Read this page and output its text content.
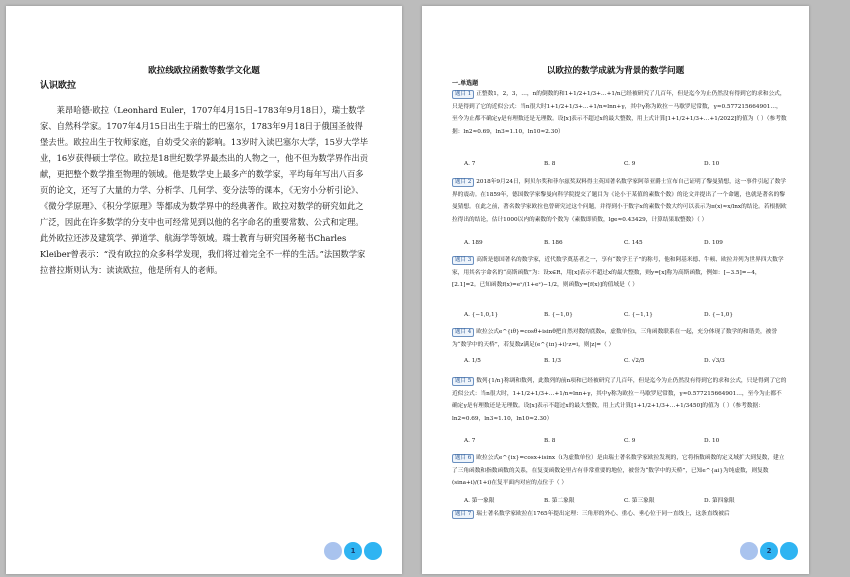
欧拉线欧拉函数等数学文化题
认识欧拉

莱昂哈德·欧拉（Leonhard Euler，1707年4月15日–1783年9月18日），瑞士数学家、自然科学家。1707年4月15日出生于瑞士的巴塞尔，1783年9月18日于俄国圣彼得堡去世。欧拉出生于牧师家庭，自幼受父亲的影响。13岁时入读巴塞尔大学，15岁大学毕业，16岁获得硕士学位。欧拉是18世纪数学界最杰出的人物之一，他不但为数学界作出贡献，更把整个数学推至物理的领域。他是数学史上最多产的数学家，平均每年写出八百多页的论文，还写了大量的力学、分析学、几何学、变分法等的课本，《无穷小分析引论》、《微分学原理》、《积分学原理》等都成为数学界中的经典著作。欧拉对数学的研究如此之广泛，因此在许多数学的分支中也可经常见到以他的名字命名的重要常数、公式和定理。此外欧拉还涉及建筑学、弹道学、航海学等领域。瑞士教育与研究国务秘书Charles Kleiber曾表示：“没有欧拉的众多科学发现，我们将过着完全不一样的生活。”法国数学家拉普拉斯则认为：读读欧拉，他是所有人的老师。

1
以欧拉的数学成就为背景的数学问题
一.单选题
题目 1 正整数1，2，3，…，n的倒数的和1+1/2+1/3+…+1/n已经被研究了几百年，但是迄今为止仍然没有得到它的求和公式，只是得到了它的近似公式：当n很大时1+1/2+1/3+…+1/n≈lnn+γ，其中γ称为欧拉－马歇罗尼常数，γ≈0.577215664901…，至今为止都不确定γ是有理数还是无理数。设[x]表示不超过x的最大整数，用上式计算[1+1/2+1/3+…+1/2022]的值为（ ）（参考数据：ln2≈0.69，ln3≈1.10，ln10≈2.30）
A. 7	B. 8	C. 9	D. 10
题目 2 2018年9月24日，阿贝尔奖和菲尔兹奖双料得主英国著名数学家阿蒂亚爵士宣布自己证明了黎曼猜想，这一事件引起了数学界的震动。在1859年，德国数学家黎曼向科学院提交了题目为《论小于某值的素数个数》的论文并提出了一个命题，也就是著名的黎曼猜想。在此之前，著名数学家欧拉也曾研究过这个问题，并得到小于数字x的素数个数大约可以表示为π(x)≈x/lnx的结论。若根据欧拉得出的结论，估计1000以内的素数的个数为（素数即质数，lge≈0.43429，计算结果取整数）（ ）
A. 189	B. 186	C. 145	D. 109
题目 3 高斯是德国著名的数学家，近代数学奠基者之一，享有“数学王子”的称号，他和阿基米德、牛顿、欧拉并列为世界四大数学家，用其名字命名的“高斯函数”为：设x∈R，用[x]表示不超过x的最大整数，则y=[x]称为高斯函数，例如：[−3.5]=−4，[2.1]=2。已知函数f(x)=eˣ/(1+eˣ)−1/2，则函数y=[f(x)]的值域是（ ）
A. {−1,0,1}	B. {−1,0}	C. {−1,1}	D. {−1,0}
题目 4 欧拉公式e^{iθ}=cosθ+isinθ把自然对数的底数e，虚数单位i，三角函数联系在一起，充分体现了数学的和谐美，被誉为“数学中的天桥”，若复数z满足(e^{iπ}+i)·z=i，则|z|=（ ）
A. 1/5	B. 1/3	C. √2/5	D. √3/3
题目 5 数列{1/n}称调和数列，此数列的前n项和已经被研究了几百年，但是迄今为止仍然没有得到它的求和公式，只是得到了它的近似公式：当n很大时，1+1/2+1/3+…+1/n≈lnn+γ，其中γ称为欧拉－马歇罗尼常数，γ≈0.577215664901…，至今为止都不确定γ是有理数还是无理数。设[x]表示不超过x的最大整数，用上式计算[1+1/2+1/3+…+1/3450]的值为（ ）（参考数据：ln2≈0.69，ln3≈1.10，ln10≈2.30）
A. 7	B. 8	C. 9	D. 10
题目 6 欧拉公式e^{ix}=cosx+isinx（i为虚数单位）是由瑞士著名数学家欧拉发现的，它将指数函数的定义域扩大到复数，建立了三角函数和指数函数的关系，在复变函数论里占有非常重要的地位，被誉为“数学中的天桥”，已知e^{ai}为纯虚数，则复数(sina+i)/(1+i)在复平面内对应的点位于（ ）
A. 第一象限	B. 第二象限	C. 第三象限	D. 第四象限
题目 7 瑞士著名数学家欧拉在1765年提出定理：三角形的外心、重心、垂心位于同一直线上，这条直线被后
2
